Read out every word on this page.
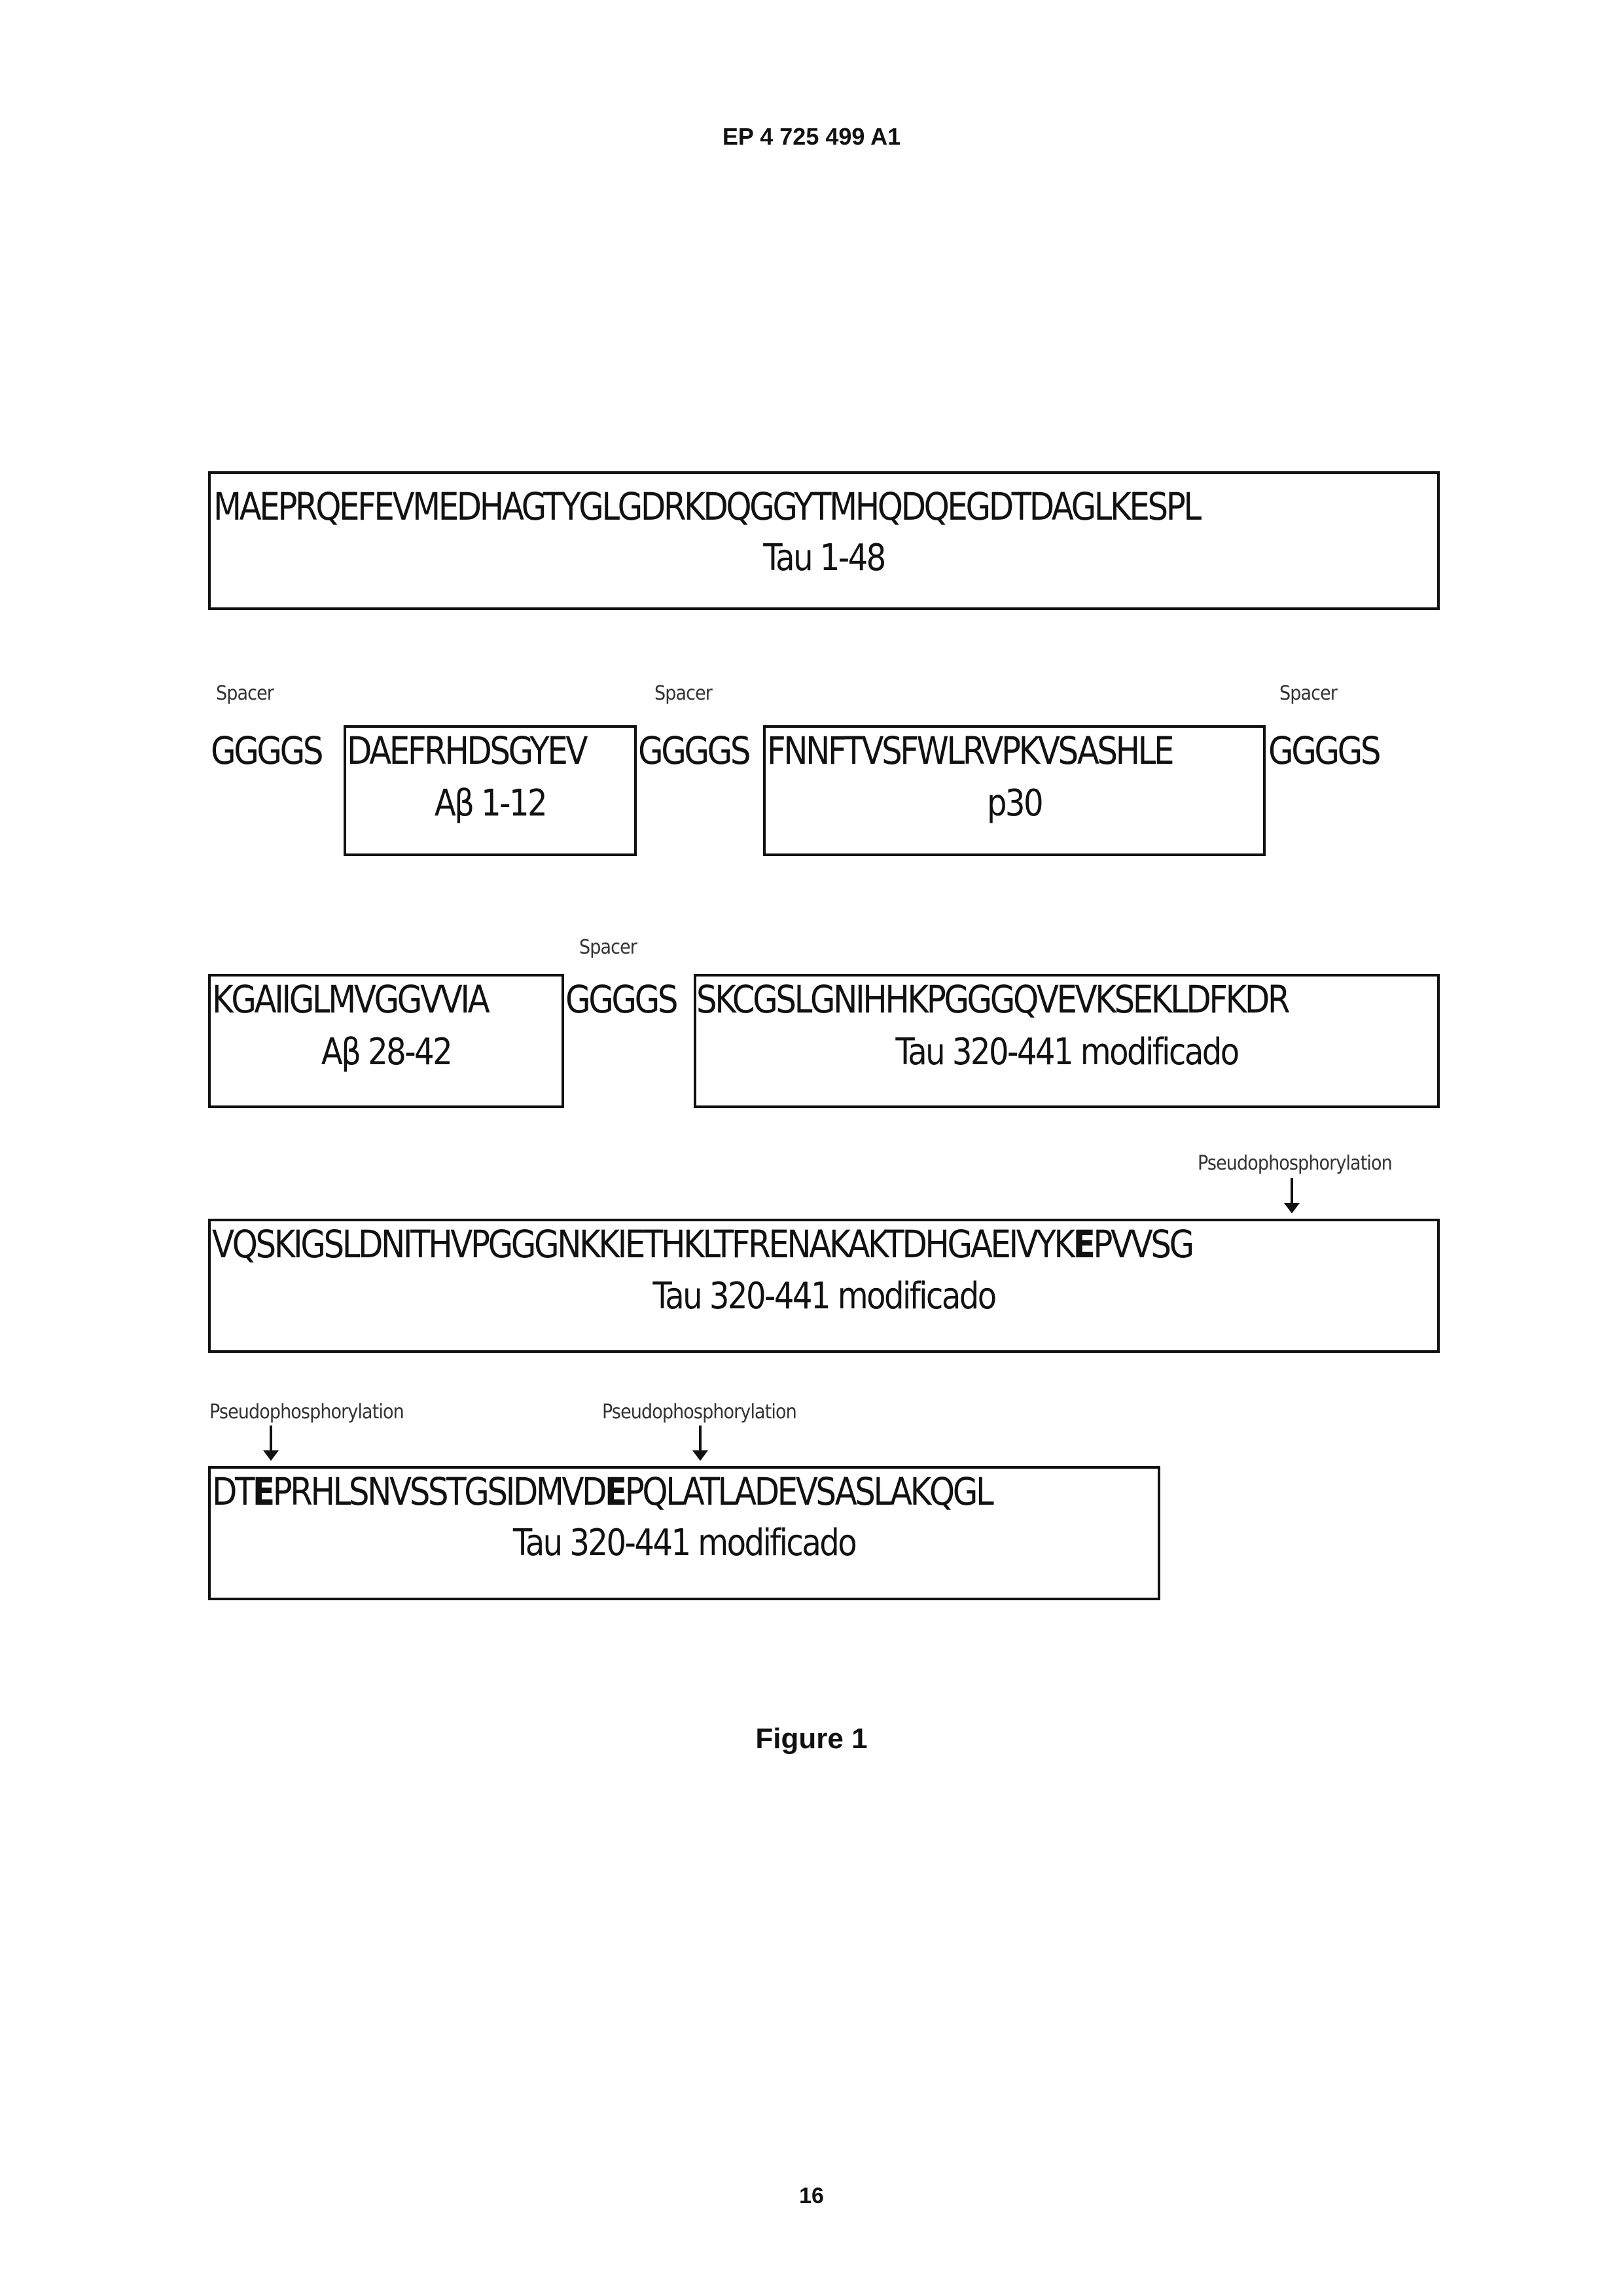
EP 4 725 499 A1
MAEPRQEFEVMEDHAGTYGLGDRKDQGGYTMHQDQEGDTDAGLKESPL
Tau 1-48
Spacer	Spacer	Spacer
GGGGS DAEFRHDSGYEV
Aβ 1-12
GGGGS FNNFTVSFWLRVPKVSASHLE
p30
GGGGS
KGAIIGLMVGGVVIA
Aβ 28-42
Spacer
GGGGS SKCGSLGNIHHKPGGGQVEVKSEKLDFKDR
Tau 320-441 modificado
Pseudophosphorylation
VQSKIGSLDNITHVPGGGNKKIETHKLTFRENAKAKTDHGAEIVYKEPVVSG
Tau 320-441 modificado
Pseudophosphorylation	Pseudophosphorylation
DTEPRHLSNVSSTGSIDMVDEPQLATLADEVSASLAKQGL
Tau 320-441 modificado
Figure 1
16
